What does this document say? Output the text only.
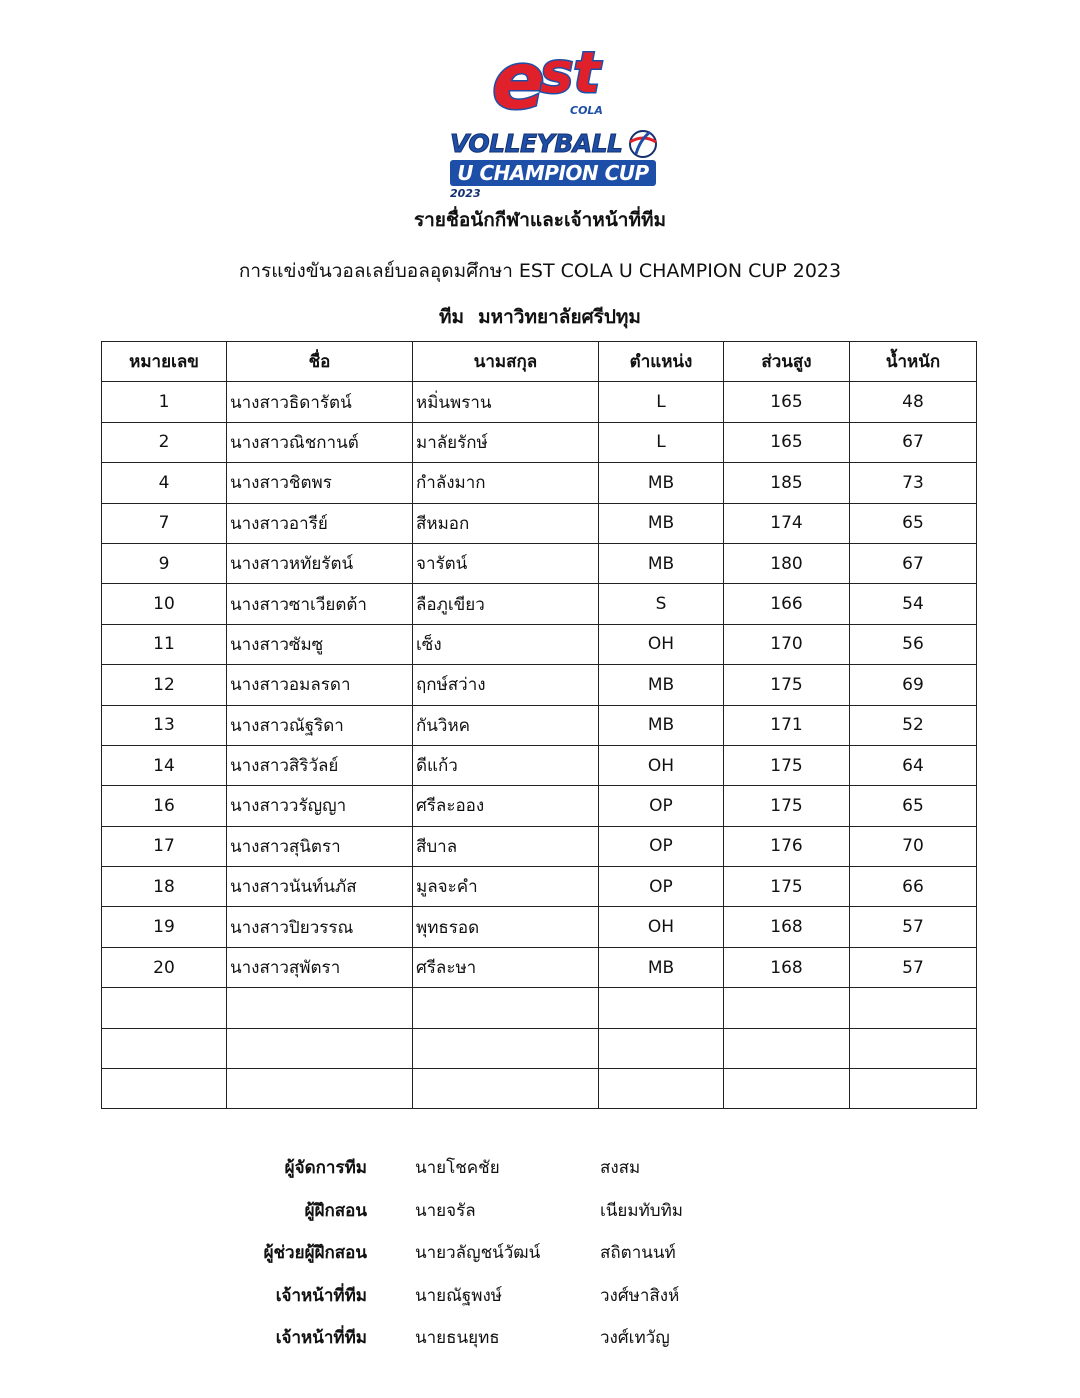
e
st
COLA
VOLLEYBALL
U CHAMPION CUP
2023
รายชื่อนักกีฬาและเจ้าหน้าที่ทีม
การแข่งขันวอลเลย์บอลอุดมศึกษา EST COLA U CHAMPION CUP 2023
ทีม มหาวิทยาลัยศรีปทุม
หมายเลข	ชื่อ	นามสกุล	ตำแหน่ง	ส่วนสูง	น้ำหนัก
1	นางสาวธิดารัตน์	หมิ่นพราน	L	165	48
2	นางสาวณิชกานต์	มาลัยรักษ์	L	165	67
4	นางสาวชิตพร	กำลังมาก	MB	185	73
7	นางสาวอารีย์	สีหมอก	MB	174	65
9	นางสาวหทัยรัตน์	จารัตน์	MB	180	67
10	นางสาวซาเวียตต้า	ลือภูเขียว	S	166	54
11	นางสาวซัมซู	เซ็ง	OH	170	56
12	นางสาวอมลรดา	ฤกษ์สว่าง	MB	175	69
13	นางสาวณัฐริดา	กันวิหค	MB	171	52
14	นางสาวสิริวัลย์	ดีแก้ว	OH	175	64
16	นางสาววรัญญา	ศรีละออง	OP	175	65
17	นางสาวสุนิตรา	สีบาล	OP	176	70
18	นางสาวนันท์นภัส	มูลจะคำ	OP	175	66
19	นางสาวปิยวรรณ	พุทธรอด	OH	168	57
20	นางสาวสุพัตรา	ศรีละษา	MB	168	57

ผู้จัดการทีม	นายโชคชัย	สงสม
ผู้ฝึกสอน	นายจรัล	เนียมทับทิม
ผู้ช่วยผู้ฝึกสอน	นายวลัญชน์วัฒน์	สถิตานนท์
เจ้าหน้าที่ทีม	นายณัฐพงษ์	วงศ์ษาสิงห์
เจ้าหน้าที่ทีม	นายธนยุทธ	วงศ์เทวัญ
